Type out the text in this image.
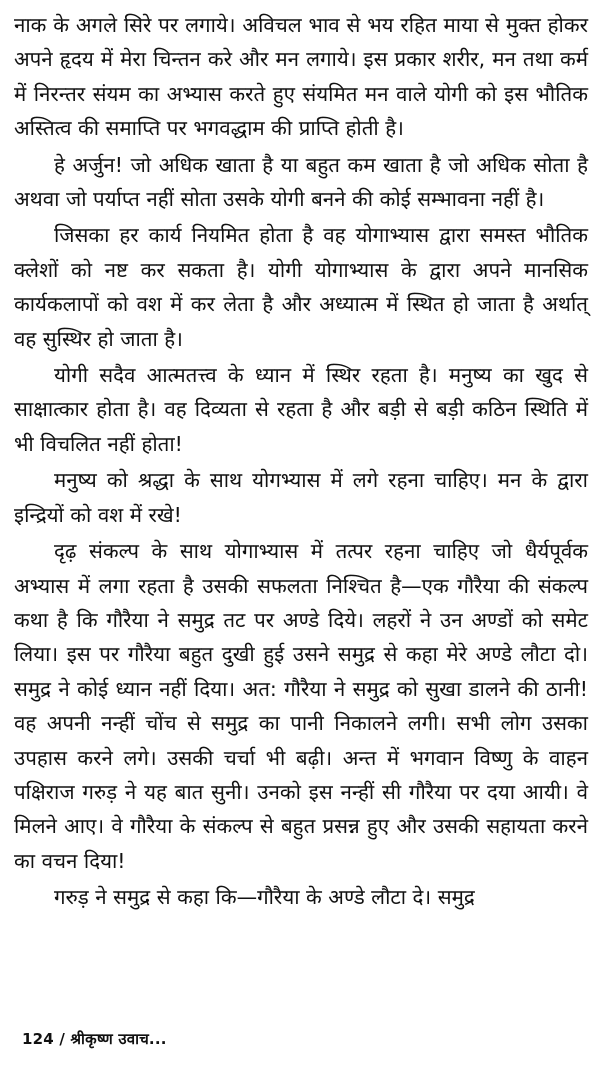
नाक के अगले सिरे पर लगाये। अविचल भाव से भय रहित माया से मुक्त होकर अपने हृदय में मेरा चिन्तन करे और मन लगाये। इस प्रकार शरीर, मन तथा कर्म में निरन्तर संयम का अभ्यास करते हुए संयमित मन वाले योगी को इस भौतिक अस्तित्व की समाप्ति पर भगवद्धाम की प्राप्ति होती है।

हे अर्जुन! जो अधिक खाता है या बहुत कम खाता है जो अधिक सोता है अथवा जो पर्याप्त नहीं सोता उसके योगी बनने की कोई सम्भावना नहीं है।

जिसका हर कार्य नियमित होता है वह योगाभ्यास द्वारा समस्त भौतिक क्लेशों को नष्ट कर सकता है। योगी योगाभ्यास के द्वारा अपने मानसिक कार्यकलापों को वश में कर लेता है और अध्यात्म में स्थित हो जाता है अर्थात् वह सुस्थिर हो जाता है।

योगी सदैव आत्मतत्त्व के ध्यान में स्थिर रहता है। मनुष्य का खुद से साक्षात्कार होता है। वह दिव्यता से रहता है और बड़ी से बड़ी कठिन स्थिति में भी विचलित नहीं होता!

मनुष्य को श्रद्धा के साथ योगभ्यास में लगे रहना चाहिए। मन के द्वारा इन्द्रियों को वश में रखे!

दृढ़ संकल्प के साथ योगाभ्यास में तत्पर रहना चाहिए जो धैर्यपूर्वक अभ्यास में लगा रहता है उसकी सफलता निश्चित है—एक गौरैया की संकल्प कथा है कि गौरैया ने समुद्र तट पर अण्डे दिये। लहरों ने उन अण्डों को समेट लिया। इस पर गौरैया बहुत दुखी हुई उसने समुद्र से कहा मेरे अण्डे लौटा दो। समुद्र ने कोई ध्यान नहीं दिया। अत: गौरैया ने समुद्र को सुखा डालने की ठानी! वह अपनी नन्हीं चोंच से समुद्र का पानी निकालने लगी। सभी लोग उसका उपहास करने लगे। उसकी चर्चा भी बढ़ी। अन्त में भगवान विष्णु के वाहन पक्षिराज गरुड़ ने यह बात सुनी। उनको इस नन्हीं सी गौरैया पर दया आयी। वे मिलने आए। वे गौरैया के संकल्प से बहुत प्रसन्न हुए और उसकी सहायता करने का वचन दिया!

गरुड़ ने समुद्र से कहा कि—गौरैया के अण्डे लौटा दे। समुद्र

124 / श्रीकृष्ण उवाच...
